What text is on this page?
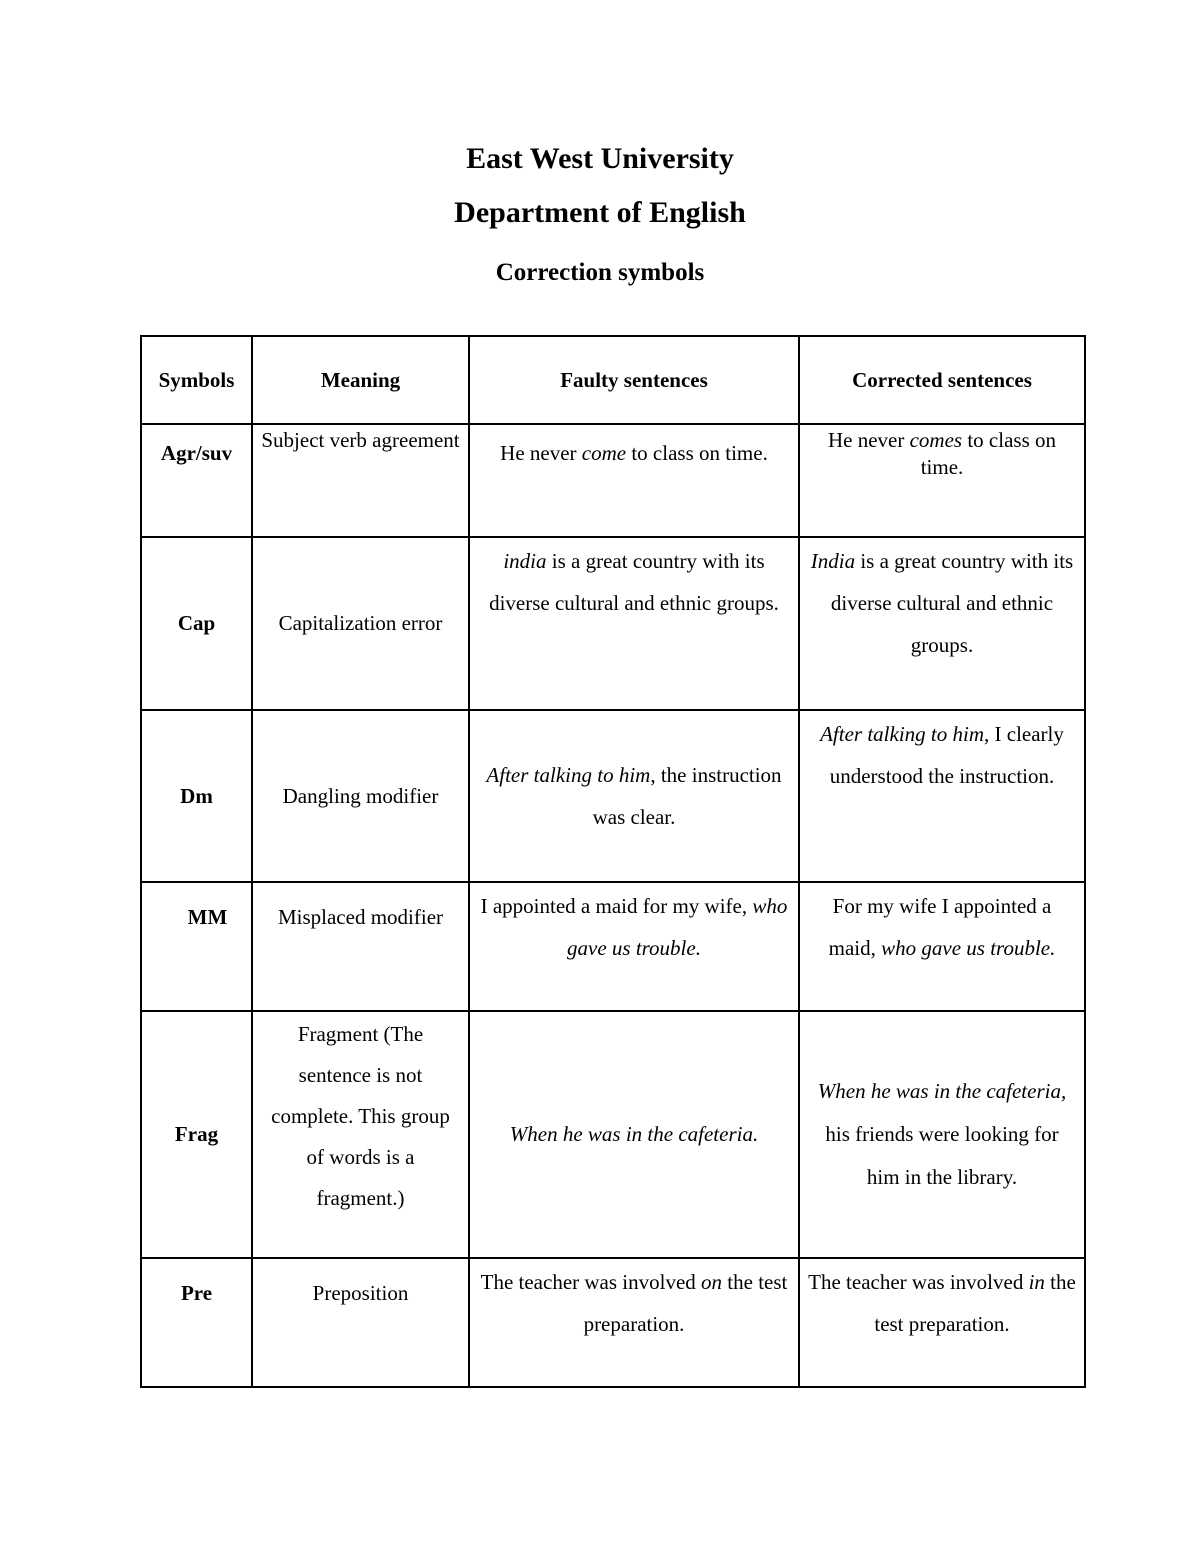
East West University
Department of English
Correction symbols
Symbols	Meaning	Faulty sentences	Corrected sentences
Agr/suv	Subject verb agreement	He never come to class on time.	He never comes to class on time.
Cap	Capitalization error	india is a great country with its diverse cultural and ethnic groups.	India is a great country with its diverse cultural and ethnic groups.
Dm	Dangling modifier	After talking to him, the instruction was clear.	After talking to him, I clearly understood the instruction.
MM	Misplaced modifier	I appointed a maid for my wife, who gave us trouble.	For my wife I appointed a maid, who gave us trouble.
Frag	Fragment (The sentence is not complete. This group of words is a fragment.)	When he was in the cafeteria.	When he was in the cafeteria, his friends were looking for him in the library.
Pre	Preposition	The teacher was involved on the test preparation.	The teacher was involved in the test preparation.
